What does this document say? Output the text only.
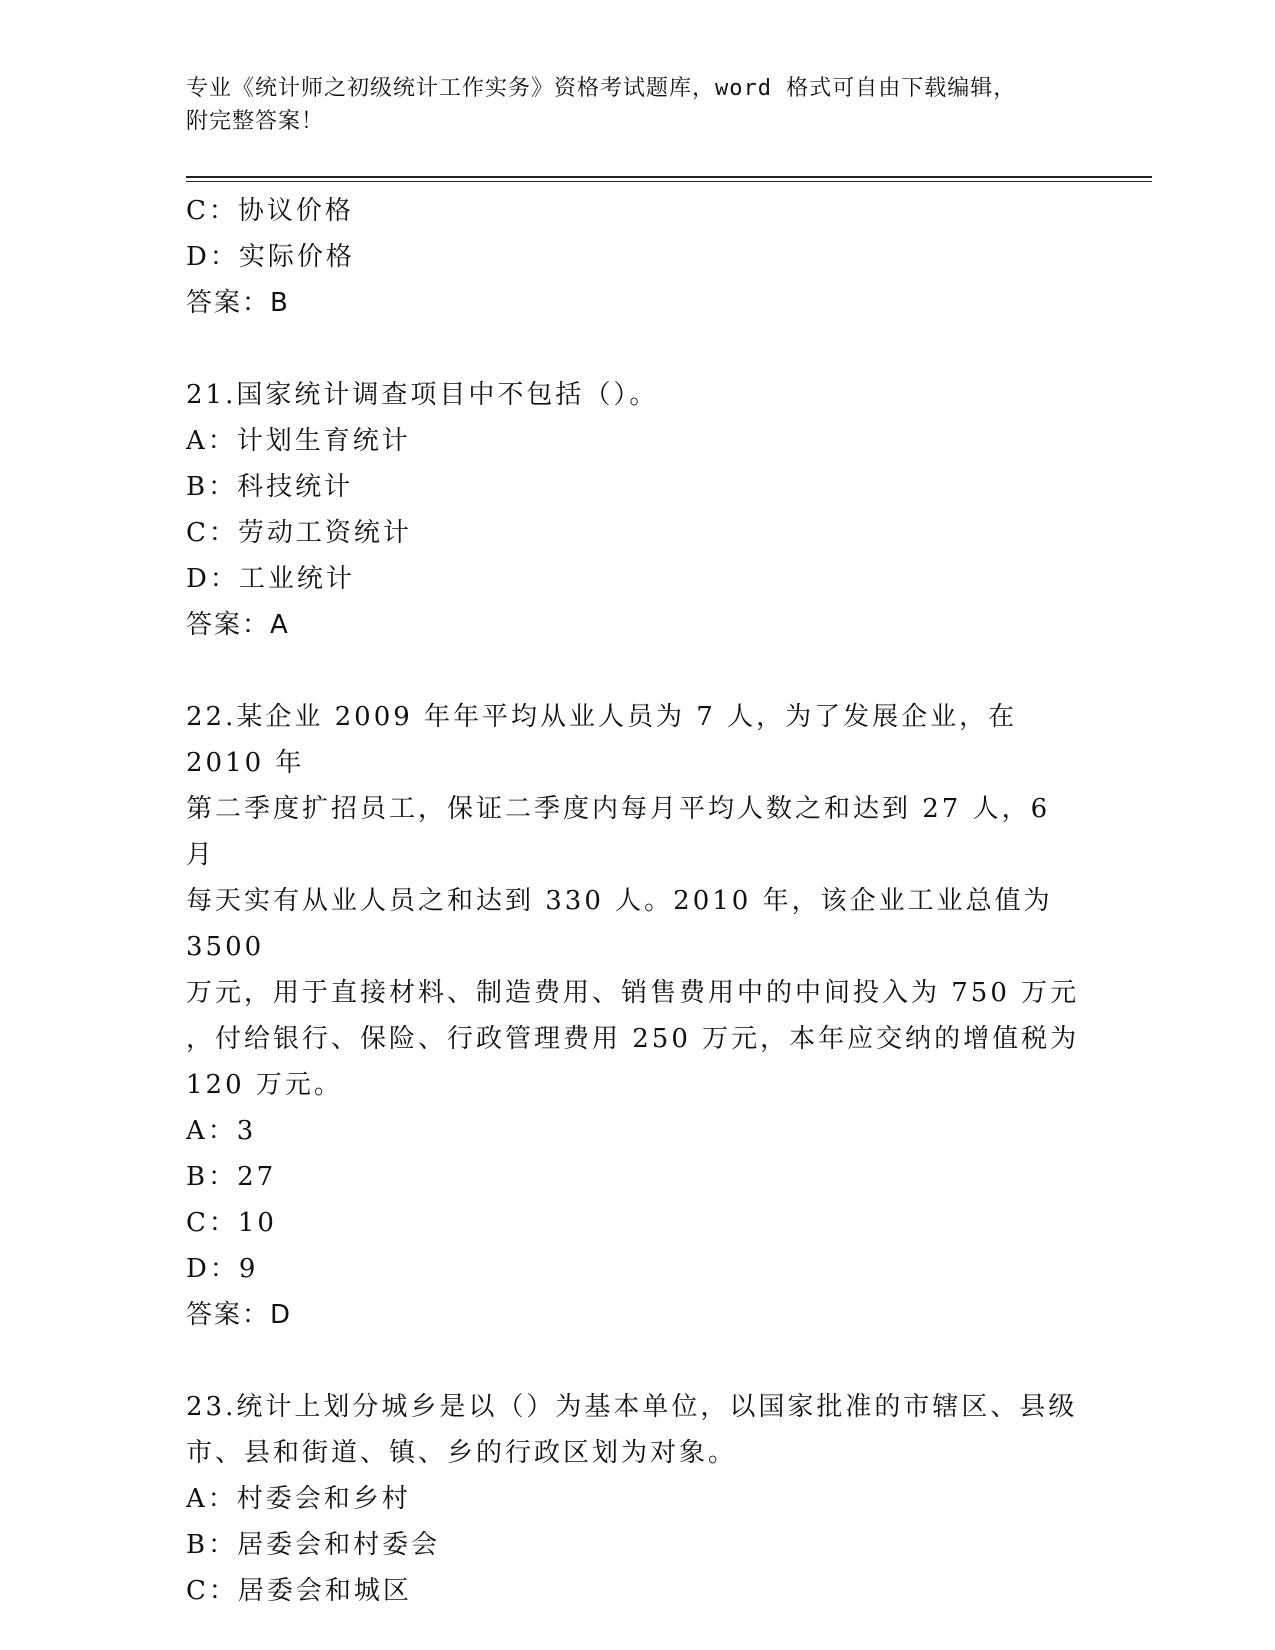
专业《统计师之初级统计工作实务》资格考试题库，word 格式可自由下载编辑，
附完整答案！
C：协议价格
D：实际价格
答案：B
21.国家统计调查项目中不包括（）。
A：计划生育统计
B：科技统计
C：劳动工资统计
D：工业统计
答案：A
22.某企业 2009 年年平均从业人员为 7 人，为了发展企业，在 2010 年
第二季度扩招员工，保证二季度内每月平均人数之和达到 27 人，6 月
每天实有从业人员之和达到 330 人。2010 年，该企业工业总值为 3500
万元，用于直接材料、制造费用、销售费用中的中间投入为 750 万元
，付给银行、保险、行政管理费用 250 万元，本年应交纳的增值税为
120 万元。
A：3
B：27
C：10
D：9
答案：D
23.统计上划分城乡是以（）为基本单位，以国家批准的市辖区、县级
市、县和街道、镇、乡的行政区划为对象。
A：村委会和乡村
B：居委会和村委会
C：居委会和城区
